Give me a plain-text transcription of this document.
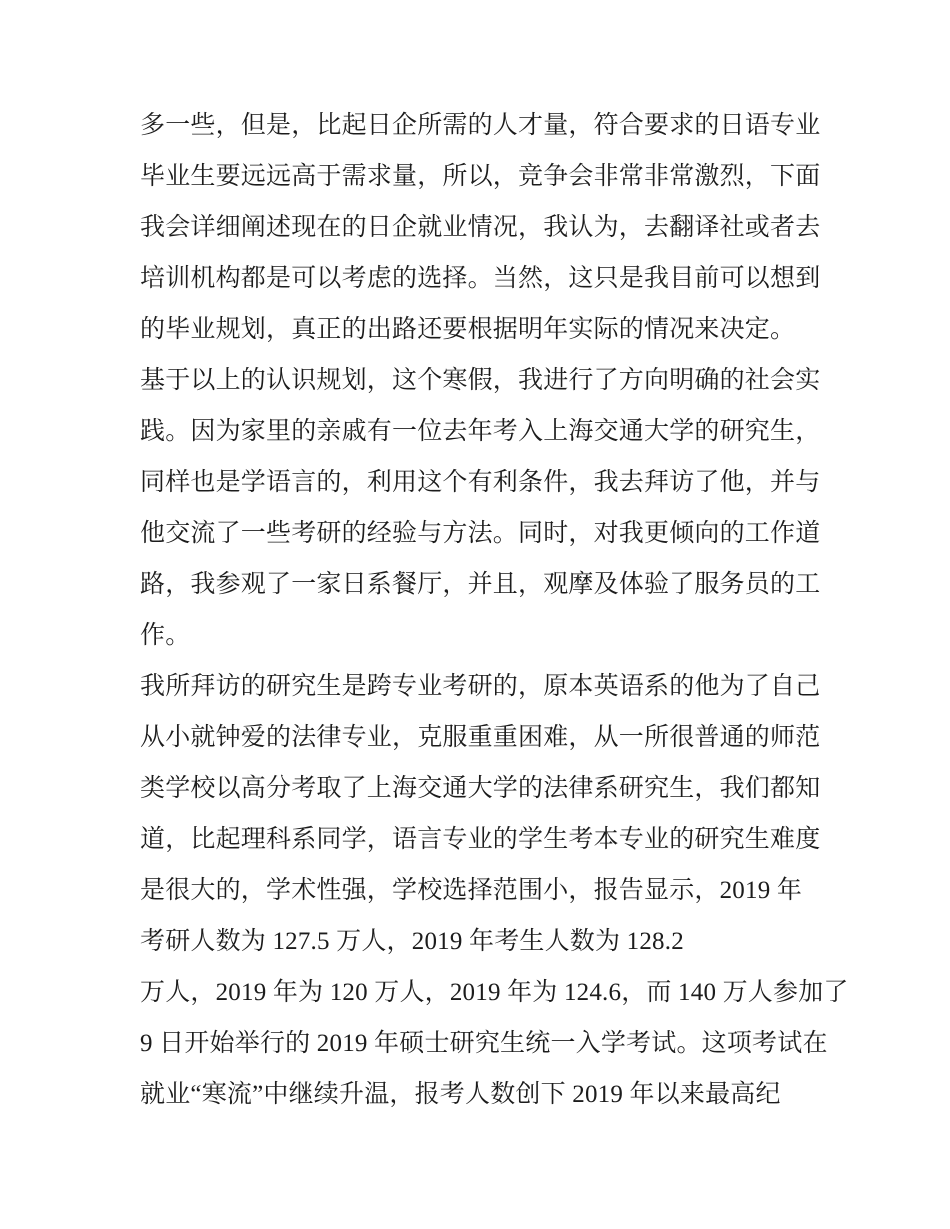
多一些，但是，比起日企所需的人才量，符合要求的日语专业
毕业生要远远高于需求量，所以，竞争会非常非常激烈，下面
我会详细阐述现在的日企就业情况，我认为，去翻译社或者去
培训机构都是可以考虑的选择。当然，这只是我目前可以想到
的毕业规划，真正的出路还要根据明年实际的情况来决定。
基于以上的认识规划，这个寒假，我进行了方向明确的社会实
践。因为家里的亲戚有一位去年考入上海交通大学的研究生，
同样也是学语言的，利用这个有利条件，我去拜访了他，并与
他交流了一些考研的经验与方法。同时，对我更倾向的工作道
路，我参观了一家日系餐厅，并且，观摩及体验了服务员的工
作。
我所拜访的研究生是跨专业考研的，原本英语系的他为了自己
从小就钟爱的法律专业，克服重重困难，从一所很普通的师范
类学校以高分考取了上海交通大学的法律系研究生，我们都知
道，比起理科系同学，语言专业的学生考本专业的研究生难度
是很大的，学术性强，学校选择范围小，报告显示，2019 年
考研人数为 127.5 万人，2019 年考生人数为 128.2
万人，2019 年为 120 万人，2019 年为 124.6，而 140 万人参加了
9 日开始举行的 2019 年硕士研究生统一入学考试。这项考试在
就业“寒流”中继续升温，报考人数创下 2019 年以来最高纪
